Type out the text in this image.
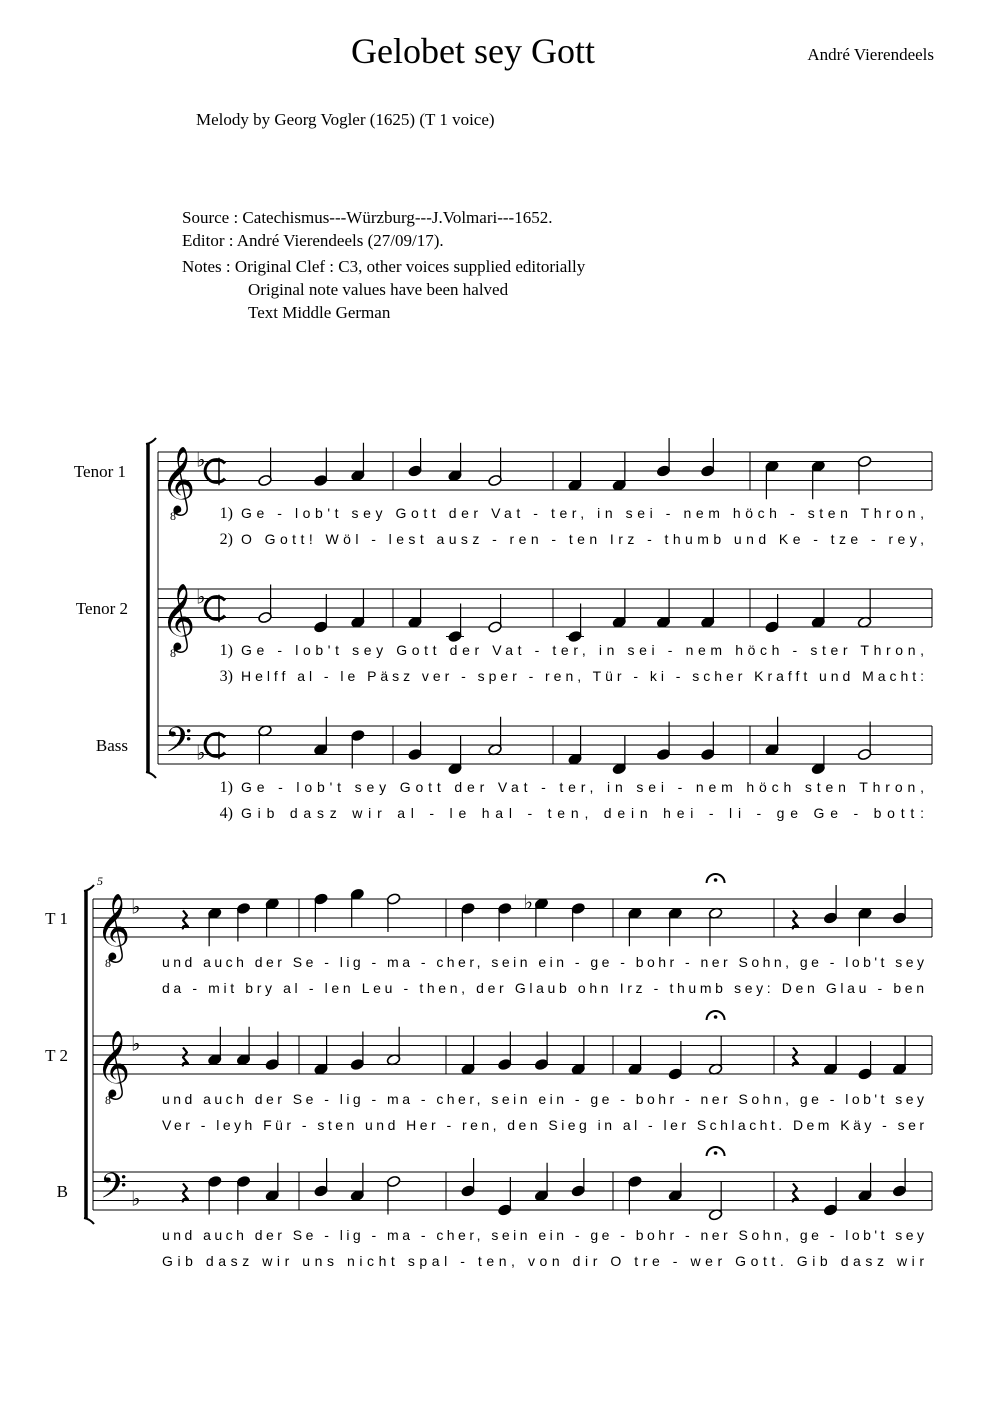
Gelobet sey Gott	André Vierendeels
Melody by Georg Vogler (1625) (T 1 voice)
Source : Catechismus---Würzburg---J.Volmari---1652.
Editor : André Vierendeels (27/09/17).
Notes : Original Clef : C3, other voices supplied editorially
Original note values have been halved
Text Middle German
Tenor 1 𝄞
8
♭
1) Ge - lob't sey Gott der Vat - ter, in sei - nem höch - sten Thron,
2) O Gott! Wöl - lest ausz - ren - ten Irz - thumb und Ke - tze - rey,
Tenor 2 𝄞
8
♭
1) Ge - lob't sey Gott der Vat - ter, in sei - nem höch - ster Thron,
3) Helff al - le Päsz ver - sper - ren, Tür - ki - scher Krafft und Macht:
Bass 𝄢 ♭
1) Ge - lob't sey Gott der Vat - ter, in sei - nem höch sten Thron,
4) Gib dasz wir al - le hal - ten, dein hei - li - ge Ge - bott:
5
T 1 𝄞
8
♭	♭
und auch der Se - lig - ma - cher, sein ein - ge - bohr - ner Sohn, ge - lob't sey
da - mit bry al - len Leu - then, der Glaub ohn Irz - thumb sey: Den Glau - ben
T 2 𝄞
8
♭
und auch der Se - lig - ma - cher, sein ein - ge - bohr - ner Sohn, ge - lob't sey
Ver - leyh Für - sten und Her - ren, den Sieg in al - ler Schlacht. Dem Käy - ser
B 𝄢 ♭
und auch der Se - lig - ma - cher, sein ein - ge - bohr - ner Sohn, ge - lob't sey
Gib dasz wir uns nicht spal - ten, von dir O tre - wer Gott. Gib dasz wir
